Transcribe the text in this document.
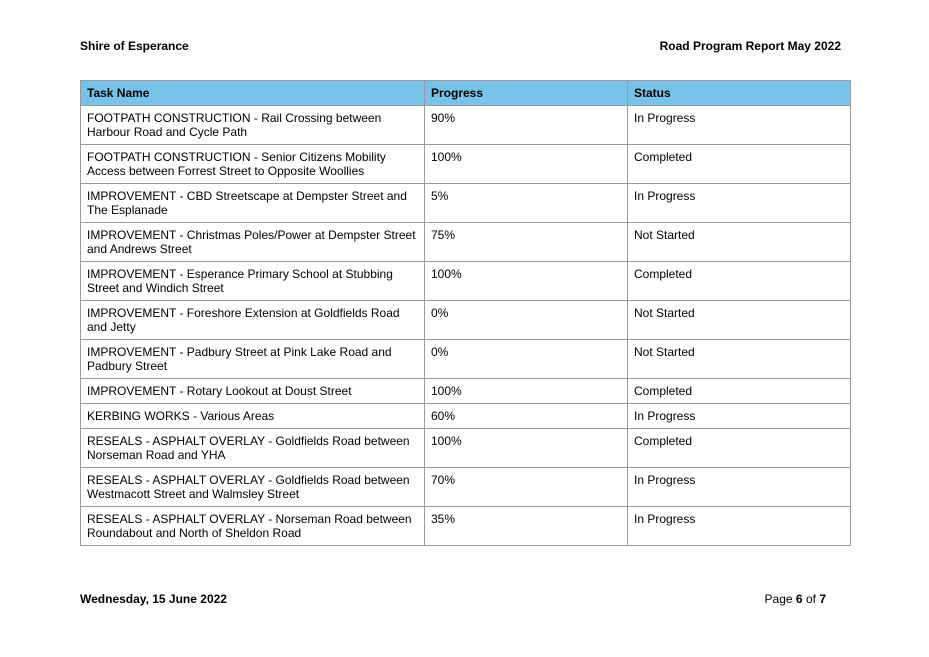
Shire of Esperance	Road Program Report May 2022
Task Name	Progress	Status
FOOTPATH CONSTRUCTION - Rail Crossing between Harbour Road and Cycle Path	90%	In Progress
FOOTPATH CONSTRUCTION - Senior Citizens Mobility Access between Forrest Street to Opposite Woollies	100%	Completed
IMPROVEMENT - CBD Streetscape at Dempster Street and The Esplanade	5%	In Progress
IMPROVEMENT - Christmas Poles/Power at Dempster Street and Andrews Street	75%	Not Started
IMPROVEMENT - Esperance Primary School at Stubbing Street and Windich Street	100%	Completed
IMPROVEMENT - Foreshore Extension at Goldfields Road and Jetty	0%	Not Started
IMPROVEMENT - Padbury Street at Pink Lake Road and Padbury Street	0%	Not Started
IMPROVEMENT - Rotary Lookout at Doust Street	100%	Completed
KERBING WORKS - Various Areas	60%	In Progress
RESEALS - ASPHALT OVERLAY - Goldfields Road between Norseman Road and YHA	100%	Completed
RESEALS - ASPHALT OVERLAY - Goldfields Road between Westmacott Street and Walmsley Street	70%	In Progress
RESEALS - ASPHALT OVERLAY - Norseman Road between Roundabout and North of Sheldon Road	35%	In Progress
Wednesday, 15 June 2022	Page 6 of 7
